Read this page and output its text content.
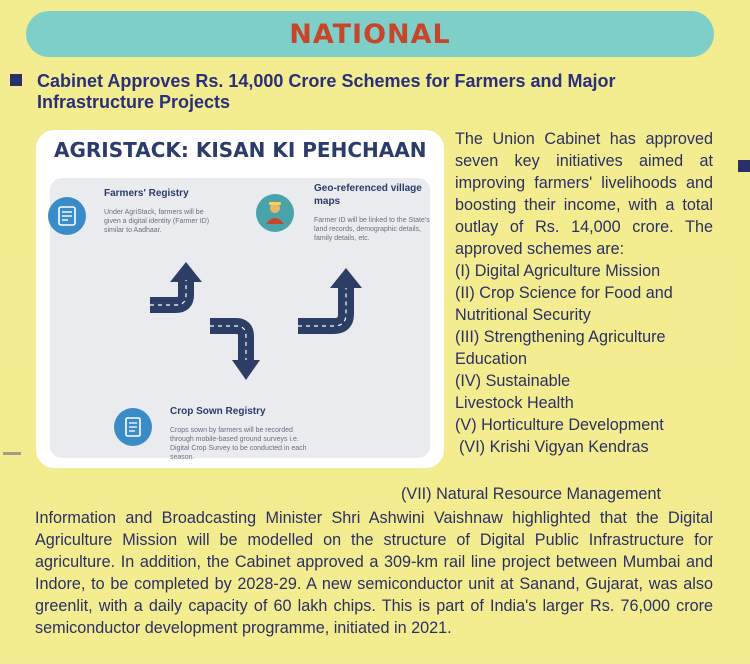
NATIONAL
Cabinet Approves Rs. 14,000 Crore Schemes for Farmers and Major Infrastructure Projects
AGRISTACK: KISAN KI PEHCHAAN
Farmers' Registry
Under AgriStack, farmers will be given a digital identity (Farmer ID) similar to Aadhaar.
Geo-referenced village maps
Farmer ID will be linked to the State's land records, demographic details, family details, etc.
Crop Sown Registry
Crops sown by farmers will be recorded through mobile-based ground surveys i.e. Digital Crop Survey to be conducted in each season.
The Union Cabinet has approved seven key initiatives aimed at improving farmers' livelihoods and boosting their income, with a total outlay of Rs. 14,000 crore. The approved schemes are:
(I) Digital Agriculture Mission
(II) Crop Science for Food and Nutritional Security
(III) Strengthening Agriculture Education
(IV) Sustainable Livestock Health
(V) Horticulture Development
(VI) Krishi Vigyan Kendras
(VII) Natural Resource Management
Information and Broadcasting Minister Shri Ashwini Vaishnaw highlighted that the Digital Agriculture Mission will be modelled on the structure of Digital Public Infrastructure for agriculture. In addition, the Cabinet approved a 309-km rail line project between Mumbai and Indore, to be completed by 2028-29. A new semiconductor unit at Sanand, Gujarat, was also greenlit, with a daily capacity of 60 lakh chips. This is part of India's larger Rs. 76,000 crore semiconductor development programme, initiated in 2021.
